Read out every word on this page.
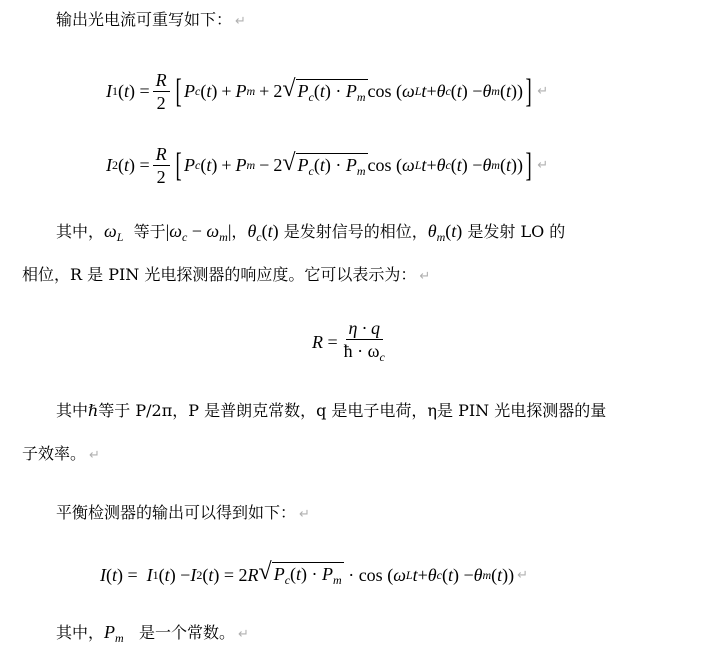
输出光电流可重写如下： ↵
I 1 ( t ) = $\frac{R}{2}$ [ P c ( t ) + P m + 2 √ $P_c(t) \cdot P_m$ cos ( ω L t + θ c ( t ) − θ m ( t )) ] ↵
I 2 ( t ) = $\frac{R}{2}$ [ P c ( t ) + P m − 2 √ $P_c(t) \cdot P_m$ cos ( ω L t + θ c ( t ) − θ m ( t )) ] ↵
其中，$\omega_L$ 等于$|\omega_c - \omega_m|$，$\theta_c(t)$ 是发射信号的相位，$\theta_m(t)$ 是发射 LO 的
相位，R 是 PIN 光电探测器的响应度。它可以表示为： ↵
$R = \frac{\eta \cdot q}{ħ \cdot \omega_c}$
其中ℏ等于 P/2π，P 是普朗克常数，q 是电子电荷，η是 PIN 光电探测器的量
子效率。 ↵
平衡检测器的输出可以得到如下： ↵
I ( t ) = I 1 ( t ) − I 2 ( t ) = 2 R √ $P_c(t) \cdot P_m \cdot \cos$ ( ω L t + θ c ( t ) − θ m ( t )) ↵
其中，$P_m$ 是一个常数。 ↵
